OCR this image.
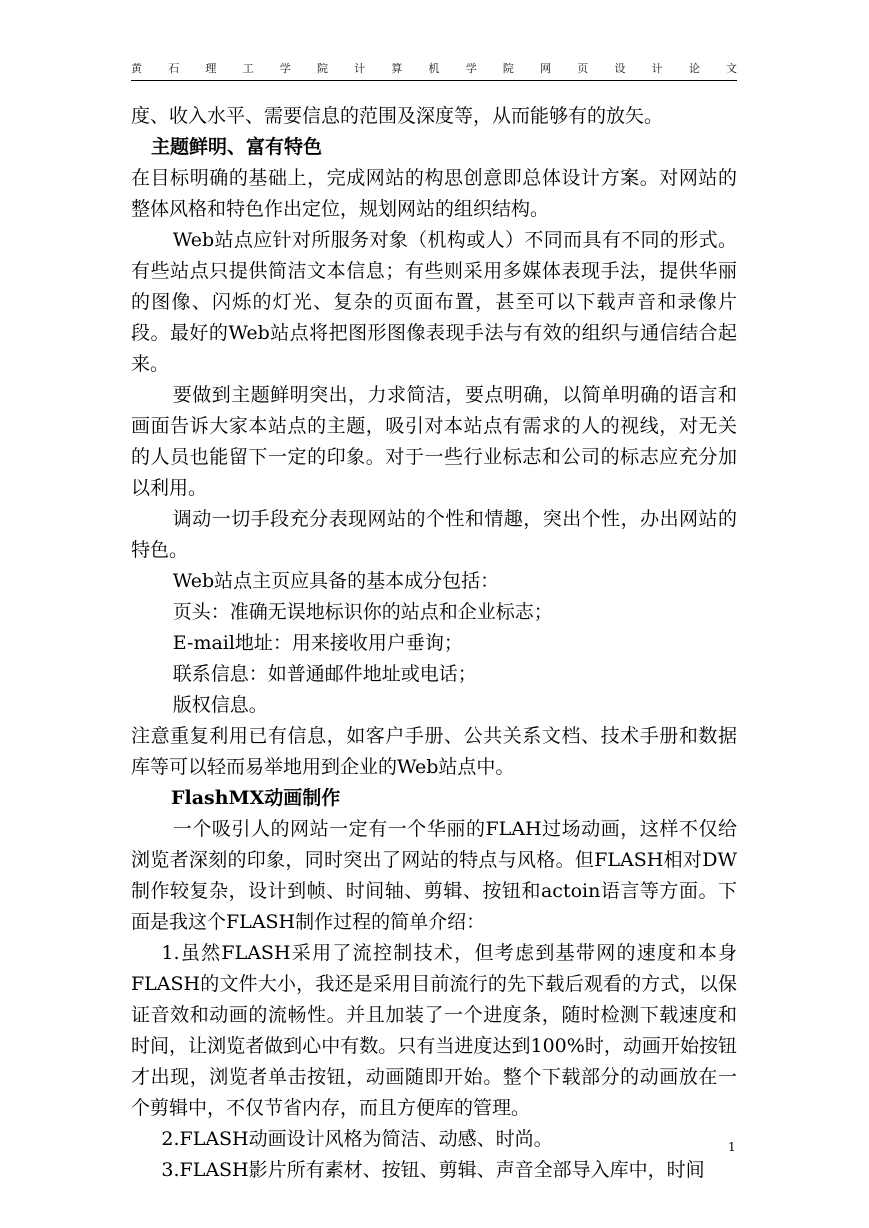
黄 石 理 工 学 院 计 算 机 学 院 网 页 设 计 论 文

度、收入水平、需要信息的范围及深度等，从而能够有的放矢。

主题鲜明、富有特色

在目标明确的基础上，完成网站的构思创意即总体设计方案。对网站的整体风格和特色作出定位，规划网站的组织结构。

Web站点应针对所服务对象（机构或人）不同而具有不同的形式。有些站点只提供简洁文本信息；有些则采用多媒体表现手法，提供华丽的图像、闪烁的灯光、复杂的页面布置，甚至可以下载声音和录像片段。最好的Web站点将把图形图像表现手法与有效的组织与通信结合起来。

要做到主题鲜明突出，力求简洁，要点明确，以简单明确的语言和画面告诉大家本站点的主题，吸引对本站点有需求的人的视线，对无关的人员也能留下一定的印象。对于一些行业标志和公司的标志应充分加以利用。

调动一切手段充分表现网站的个性和情趣，突出个性，办出网站的特色。

Web站点主页应具备的基本成分包括：

页头：准确无误地标识你的站点和企业标志；

E-mail地址：用来接收用户垂询；

联系信息：如普通邮件地址或电话；

版权信息。

注意重复利用已有信息，如客户手册、公共关系文档、技术手册和数据库等可以轻而易举地用到企业的Web站点中。

FlashMX动画制作

一个吸引人的网站一定有一个华丽的FLAH过场动画，这样不仅给浏览者深刻的印象，同时突出了网站的特点与风格。但FLASH相对DW制作较复杂，设计到帧、时间轴、剪辑、按钮和actoin语言等方面。下面是我这个FLASH制作过程的简单介绍：

1.虽然FLASH采用了流控制技术，但考虑到基带网的速度和本身FLASH的文件大小，我还是采用目前流行的先下载后观看的方式，以保证音效和动画的流畅性。并且加装了一个进度条，随时检测下载速度和时间，让浏览者做到心中有数。只有当进度达到100%时，动画开始按钮才出现，浏览者单击按钮，动画随即开始。整个下载部分的动画放在一个剪辑中，不仅节省内存，而且方便库的管理。

2.FLASH动画设计风格为简洁、动感、时尚。

3.FLASH影片所有素材、按钮、剪辑、声音全部导入库中，时间

1
